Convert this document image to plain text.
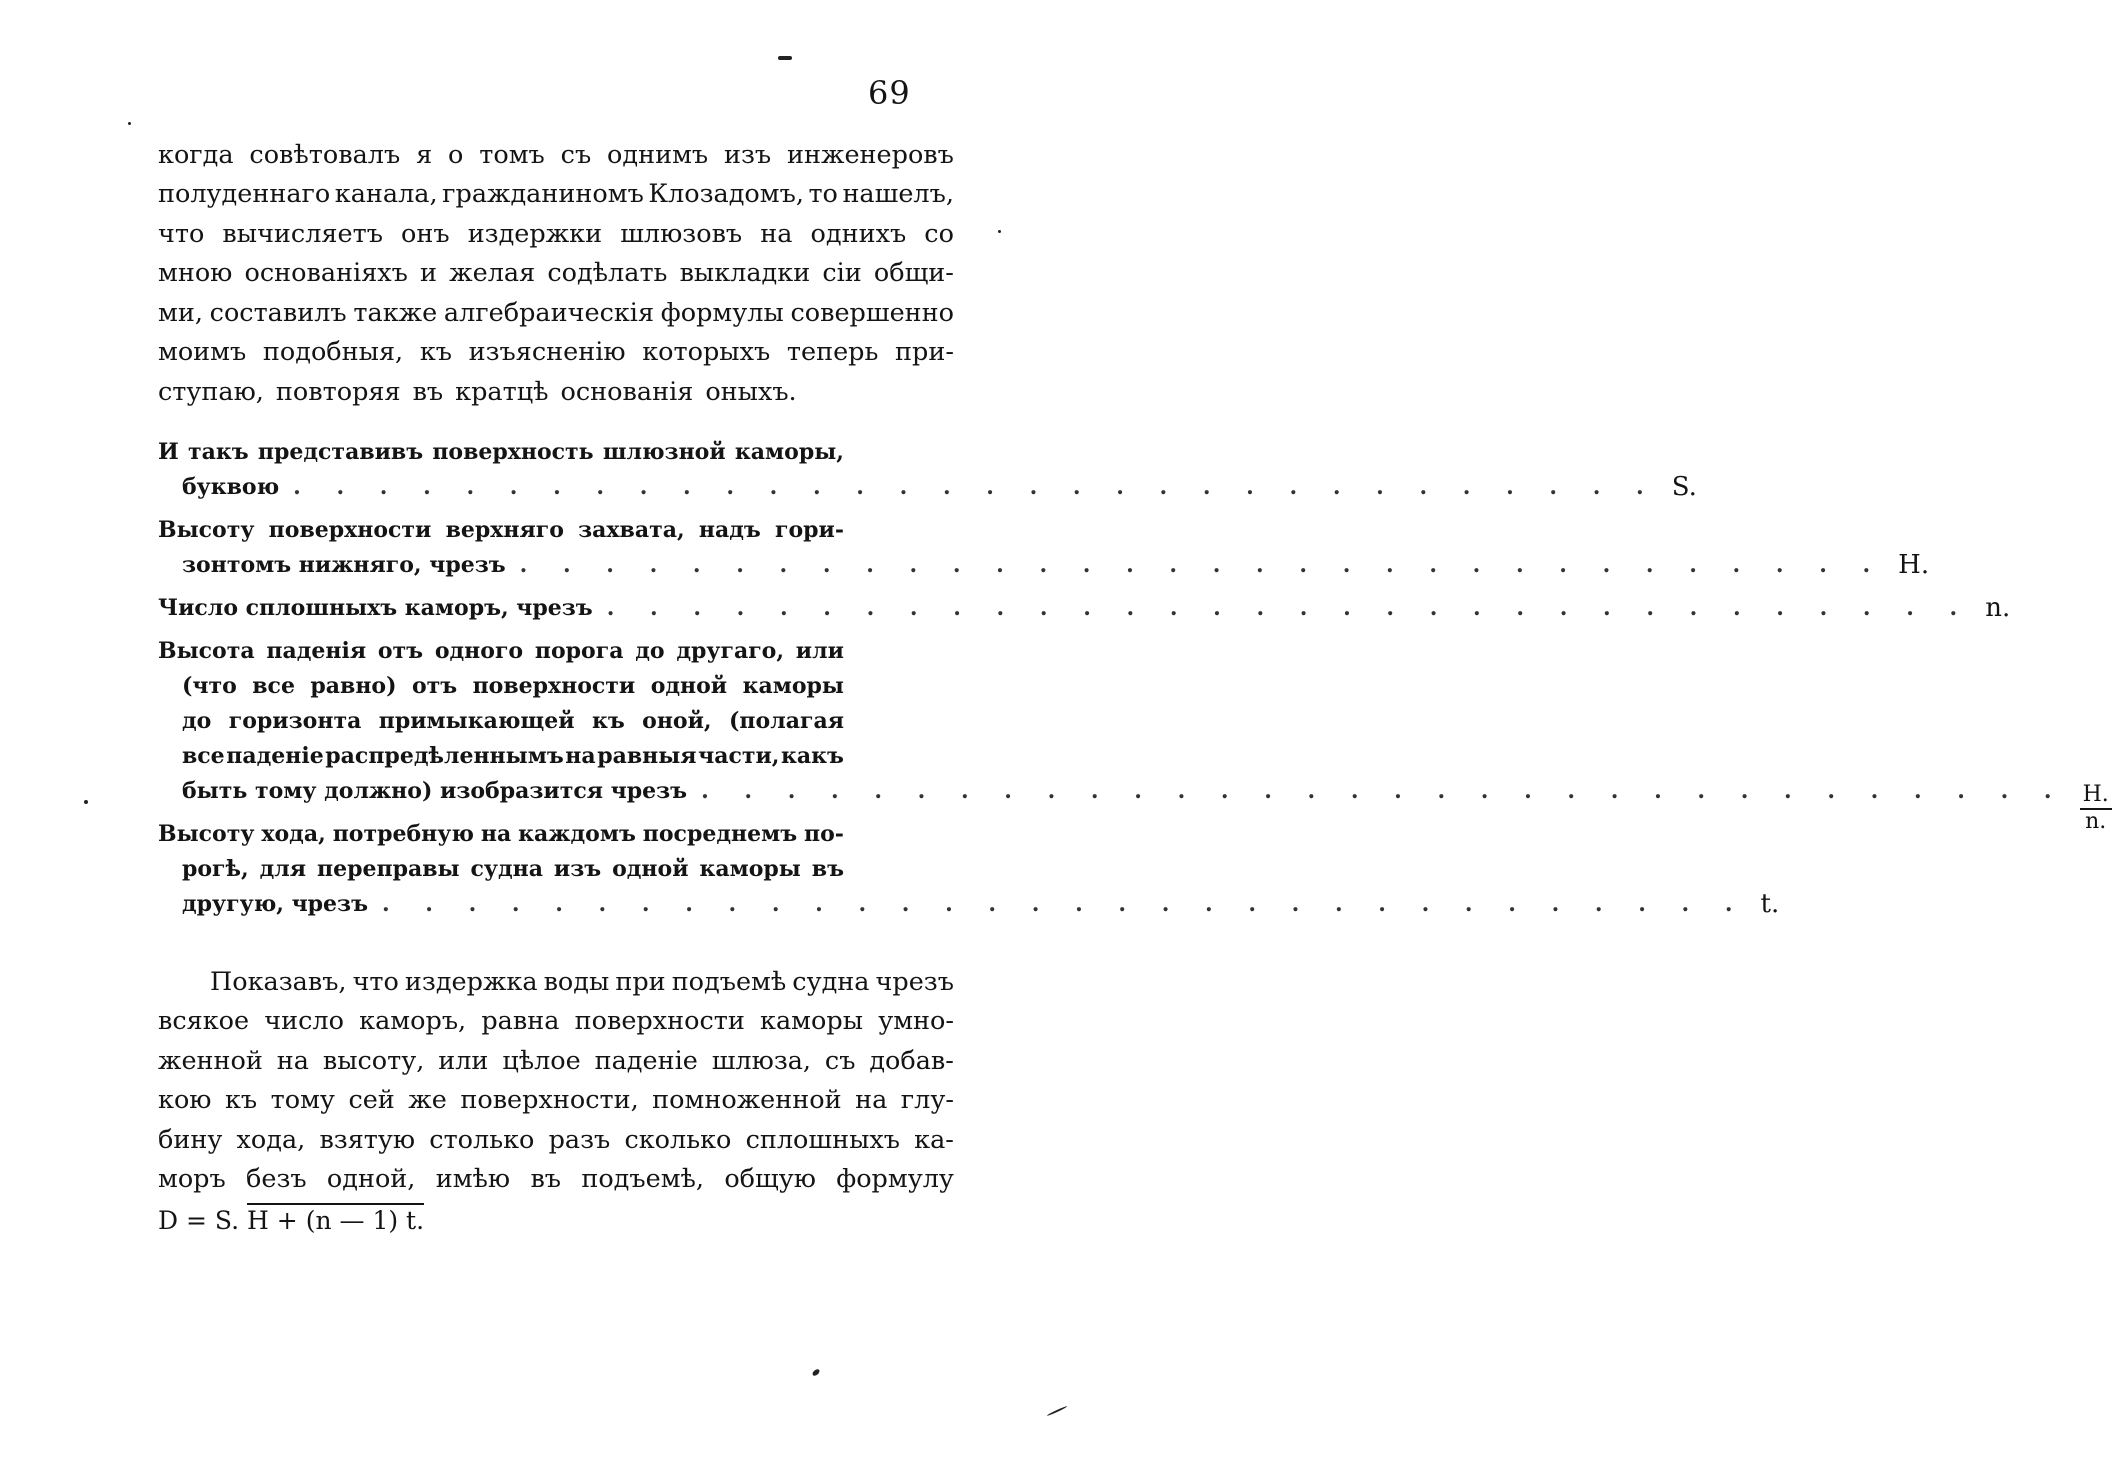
69
когда совѣтовалъ я о томъ съ однимъ изъ инженеровъ
полуденнаго канала, гражданиномъ Клозадомъ, то нашелъ,
что вычисляетъ онъ издержки шлюзовъ на однихъ со
мною основаніяхъ и желая содѣлать выкладки сіи общи-
ми, составилъ также алгебраическія формулы совершенно
моимъ подобныя, къ изъясненію которыхъ теперь при-
ступаю, повторяя въ кратцѣ основанія оныхъ.
И такъ представивъ поверхность шлюзной каморы,
буквою . . . . . . . . . . . . . . . . . . . . . . . . . . . . . . . . S.
Высоту поверхности верхняго захвата, надъ гори-
зонтомъ нижняго, чрезъ . . . . . . . . . . . . . . . . . . . . . . . . . . . . . . . . H.
Число сплошныхъ каморъ, чрезъ . . . . . . . . . . . . . . . . . . . . . . . . . . . . . . . . n.
Высота паденія отъ одного порога до другаго, или
(что все равно) отъ поверхности одной каморы
до горизонта примыкающей къ оной, (полагая
все паденіе распредѣленнымъ на равныя части, какъ
быть тому должно) изобразится чрезъ . . . . . . . . . . . . . . . . . . . . . . . . . . . . . . . . $\frac{H.}{n.}$
Высоту хода, потребную на каждомъ посреднемъ по-
рогѣ, для переправы судна изъ одной каморы въ
другую, чрезъ . . . . . . . . . . . . . . . . . . . . . . . . . . . . . . . . t.
Показавъ, что издержка воды при подъемѣ судна чрезъ
всякое число каморъ, равна поверхности каморы умно-
женной на высоту, или цѣлое паденіе шлюза, съ добав-
кою къ тому сей же поверхности, помноженной на глу-
бину хода, взятую столько разъ сколько сплошныхъ ка-
моръ безъ одной, имѣю въ подъемѣ, общую формулу
D = S. H + (n — 1) t.
